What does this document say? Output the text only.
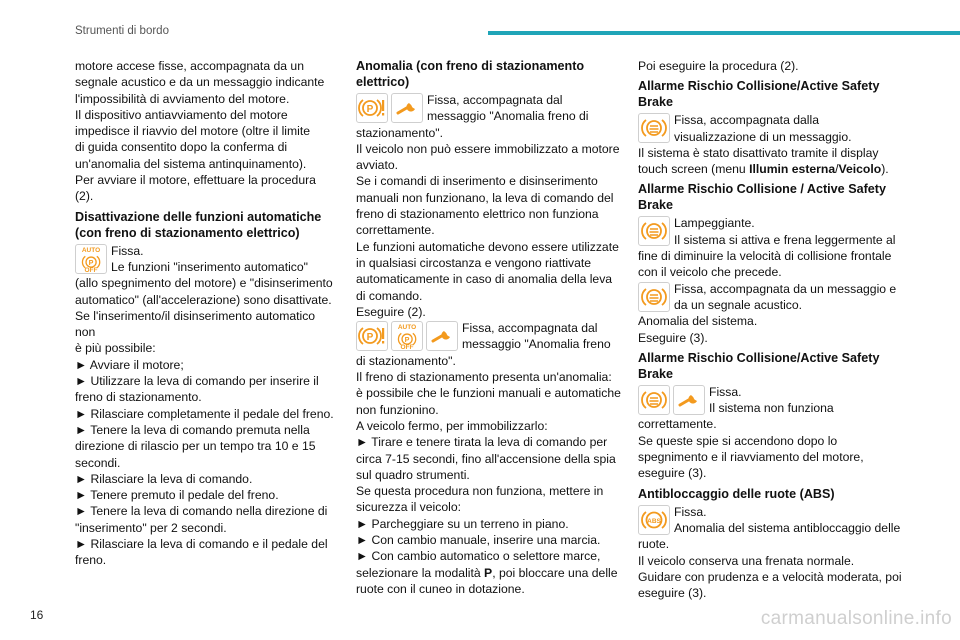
Strumenti di bordo

motore accese fisse, accompagnata da un
segnale acustico e da un messaggio indicante
l'impossibilità di avviamento del motore.
Il dispositivo antiavviamento del motore
impedisce il riavvio del motore (oltre il limite
di guida consentito dopo la conferma di
un'anomalia del sistema antinquinamento).
Per avviare il motore, effettuare la procedura (2).

Disattivazione delle funzioni automatiche (con freno di stazionamento elettrico)
AUTO
OFF
Fissa.
Le funzioni "inserimento automatico"
(allo spegnimento del motore) e "disinserimento
automatico" (all'accelerazione) sono disattivate.
Se l'inserimento/il disinserimento automatico non
è più possibile:
► Avviare il motore;
► Utilizzare la leva di comando per inserire il
freno di stazionamento.
► Rilasciare completamente il pedale del freno.
► Tenere la leva di comando premuta nella
direzione di rilascio per un tempo tra 10 e 15
secondi.
► Rilasciare la leva di comando.
► Tenere premuto il pedale del freno.
► Tenere la leva di comando nella direzione di
"inserimento" per 2 secondi.
► Rilasciare la leva di comando e il pedale del
freno.
Anomalia (con freno di stazionamento elettrico)
Fissa, accompagnata dal
messaggio "Anomalia freno di
stazionamento".
Il veicolo non può essere immobilizzato a motore
avviato.
Se i comandi di inserimento e disinserimento
manuali non funzionano, la leva di comando del
freno di stazionamento elettrico non funziona
correttamente.
Le funzioni automatiche devono essere utilizzate
in qualsiasi circostanza e vengono riattivate
automaticamente in caso di anomalia della leva
di comando.
Eseguire (2).
AUTO
OFF
Fissa, accompagnata dal
messaggio "Anomalia freno
di stazionamento".
Il freno di stazionamento presenta un'anomalia:
è possibile che le funzioni manuali e automatiche
non funzionino.
A veicolo fermo, per immobilizzarlo:
► Tirare e tenere tirata la leva di comando per
circa 7-15 secondi, fino all'accensione della spia
sul quadro strumenti.
Se questa procedura non funziona, mettere in
sicurezza il veicolo:
► Parcheggiare su un terreno in piano.
► Con cambio manuale, inserire una marcia.
► Con cambio automatico o selettore marce,
selezionare la modalità P, poi bloccare una delle
ruote con il cuneo in dotazione.

Poi eseguire la procedura (2).

Allarme Rischio Collisione/Active Safety Brake
Fissa, accompagnata dalla
visualizzazione di un messaggio.
Il sistema è stato disattivato tramite il display
touch screen (menu Illumin esterna/Veicolo).
Allarme Rischio Collisione / Active Safety Brake
Lampeggiante.
Il sistema si attiva e frena leggermente al
fine di diminuire la velocità di collisione frontale
con il veicolo che precede.
Fissa, accompagnata da un messaggio e
da un segnale acustico.
Anomalia del sistema.
Eseguire (3).
Allarme Rischio Collisione/Active Safety Brake
Fissa.
Il sistema non funziona
correttamente.
Se queste spie si accendono dopo lo
spegnimento e il riavviamento del motore,
eseguire (3).
Antibloccaggio delle ruote (ABS)
Fissa.
Anomalia del sistema antibloccaggio delle
ruote.
Il veicolo conserva una frenata normale.
Guidare con prudenza e a velocità moderata, poi
eseguire (3).
16	carmanualsonline.info
